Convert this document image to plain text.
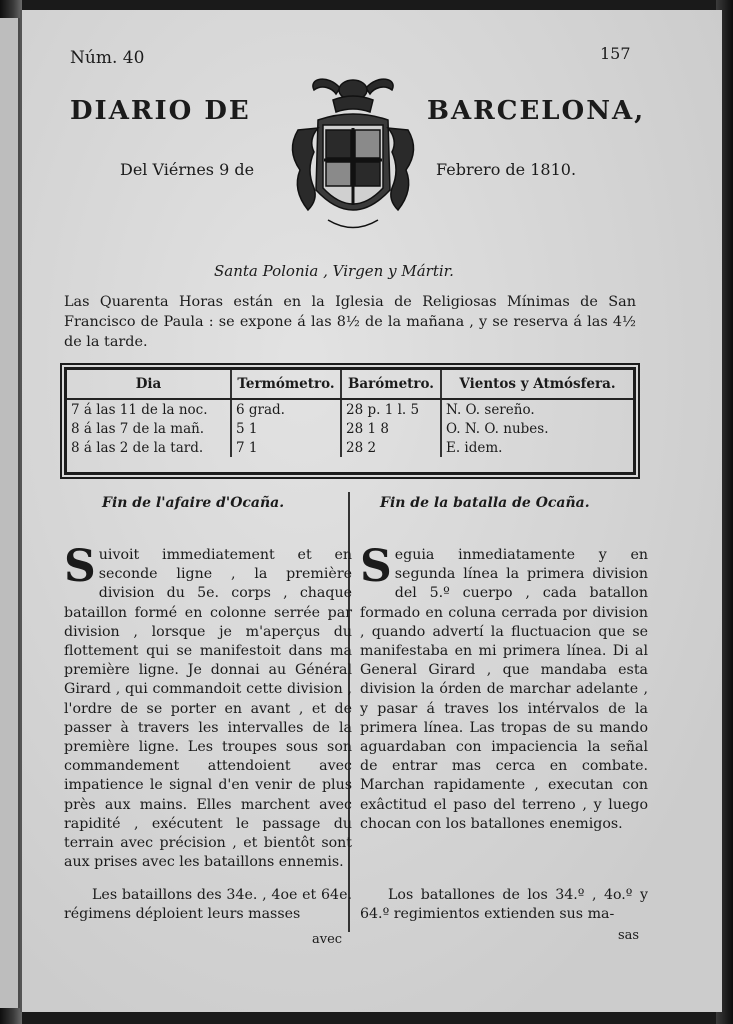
Núm. 40	157
DIARIO DE	BARCELONA,
Del Viérnes 9 de	Febrero de 1810.
Santa Polonia , Virgen y Mártir.
Las Quarenta Horas están en la Iglesia de Religiosas Mínimas de San Francisco de Paula : se expone á las 8½ de la mañana , y se reserva á las 4½ de la tarde.
Dia	Termómetro.	Barómetro.	Vientos y Atmósfera.
7 á las 11 de la noc.	6 grad.	28 p. 1 l. 5	N. O. sereño.
8 á las 7 de la mañ.	5 1	28 1 8	O. N. O. nubes.
8 á las 2 de la tard.	7 1	28 2	E. idem.
Fin de l'afaire d'Ocaña.	Fin de la batalla de Ocaña.
Suivoit immediatement et en seconde ligne , la première division du 5e. corps , chaque bataillon formé en colonne serrée par division , lorsque je m'aperçus du flottement qui se manifestoit dans ma première ligne. Je donnai au Général Girard , qui commandoit cette division , l'ordre de se porter en avant , et de passer à travers les intervalles de la première ligne. Les troupes sous son commandement attendoient avec impatience le signal d'en venir de plus près aux mains. Elles marchent avec rapidité , exécutent le passage du terrain avec précision , et bientôt sont aux prises avec les bataillons ennemis.
Seguia inmediatamente y en segunda línea la primera division del 5.º cuerpo , cada batallon formado en coluna cerrada por division , quando advertí la fluctuacion que se manifestaba en mi primera línea. Di al General Girard , que mandaba esta division la órden de marchar adelante , y pasar á traves los intérvalos de la primera línea. Las tropas de su mando aguardaban con impaciencia la señal de entrar mas cerca en combate. Marchan rapidamente , executan con exâctitud el paso del terreno , y luego chocan con los batallones enemigos.
Les bataillons des 34e. , 4oe et 64e. régimens déploient leurs masses
Los batallones de los 34.º , 4o.º y 64.º regimientos extienden sus ma-
avec	sas
